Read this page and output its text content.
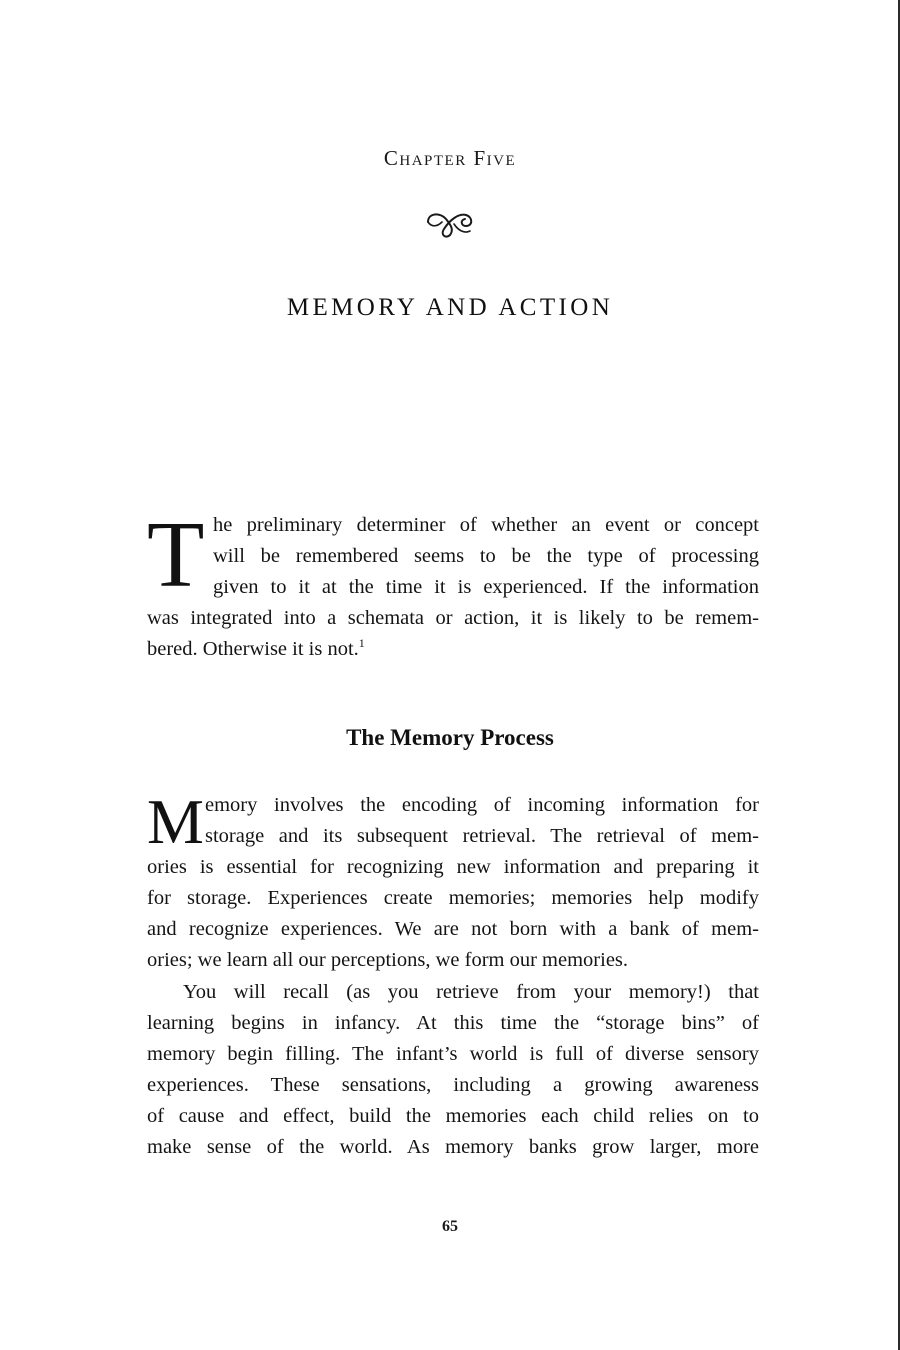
Chapter Five
MEMORY AND ACTION
T he preliminary determiner of whether an event or concept
will be remembered seems to be the type of processing
given to it at the time it is experienced. If the information
was integrated into a schemata or action, it is likely to be remem-
bered. Otherwise it is not.$^1$
The Memory Process
M emory involves the encoding of incoming information for
storage and its subsequent retrieval. The retrieval of mem-
ories is essential for recognizing new information and preparing it
for storage. Experiences create memories; memories help modify
and recognize experiences. We are not born with a bank of mem-
ories; we learn all our perceptions, we form our memories.
You will recall (as you retrieve from your memory!) that
learning begins in infancy. At this time the “storage bins” of
memory begin filling. The infant’s world is full of diverse sensory
experiences. These sensations, including a growing awareness
of cause and effect, build the memories each child relies on to
make sense of the world. As memory banks grow larger, more
65
